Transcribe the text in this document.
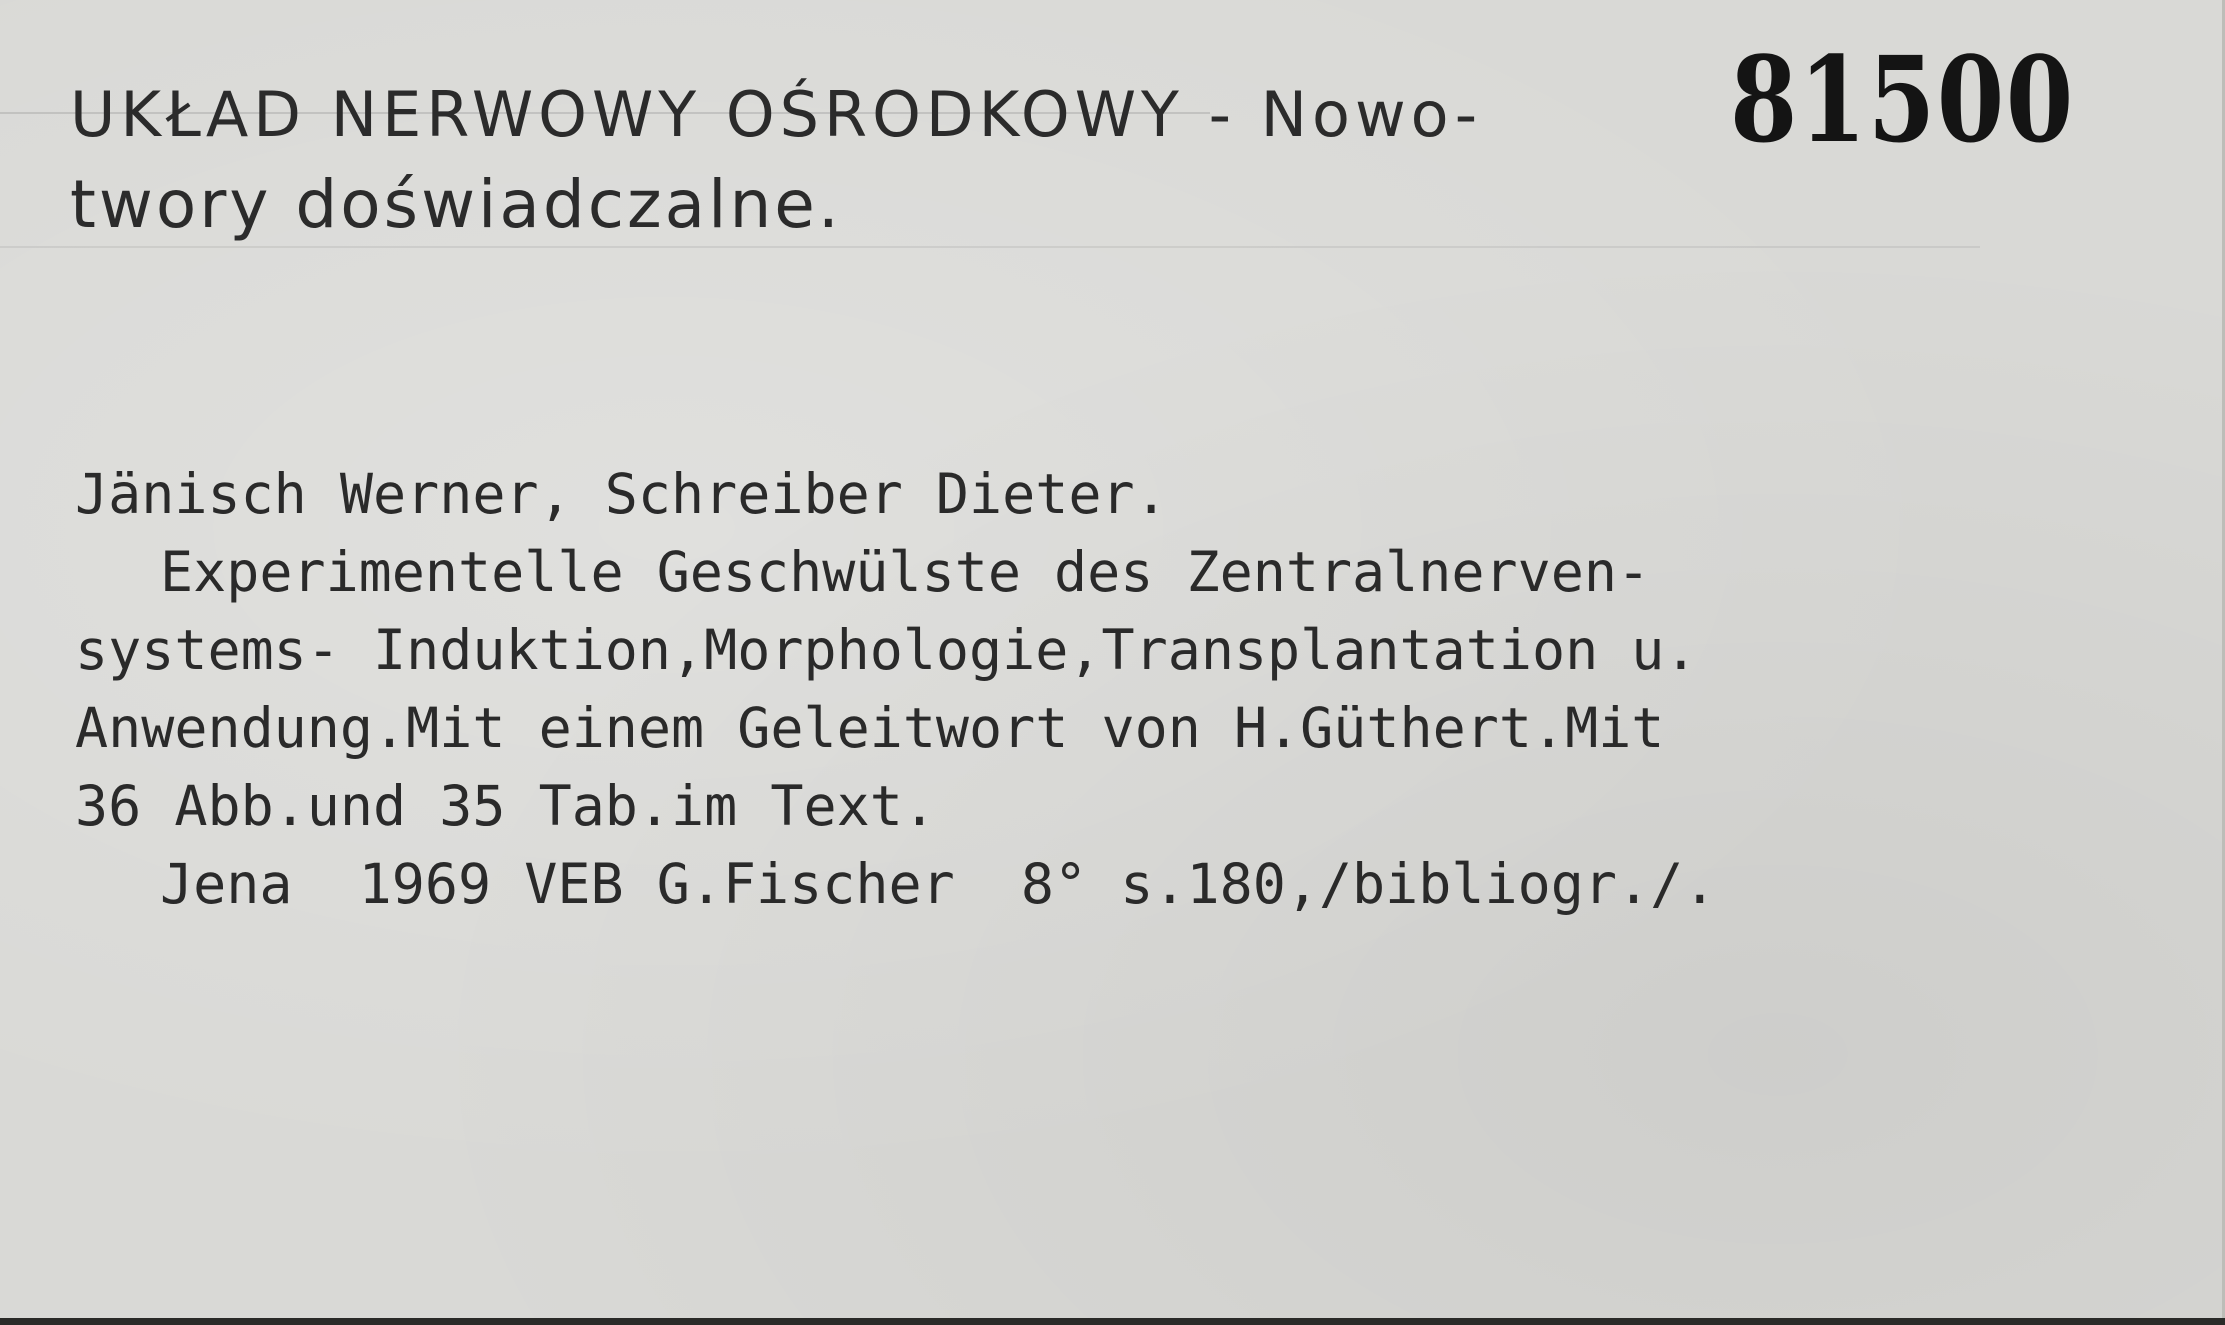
UKŁAD NERWOWY OŚRODKOWY - Nowo-
twory doświadczalne.
81500
Jänisch Werner, Schreiber Dieter.
Experimentelle Geschwülste des Zentralnerven-
systems- Induktion,Morphologie,Transplantation u.
Anwendung.Mit einem Geleitwort von H.Güthert.Mit
36 Abb.und 35 Tab.im Text.
Jena  1969 VEB G.Fischer  8° s.180,/bibliogr./.
